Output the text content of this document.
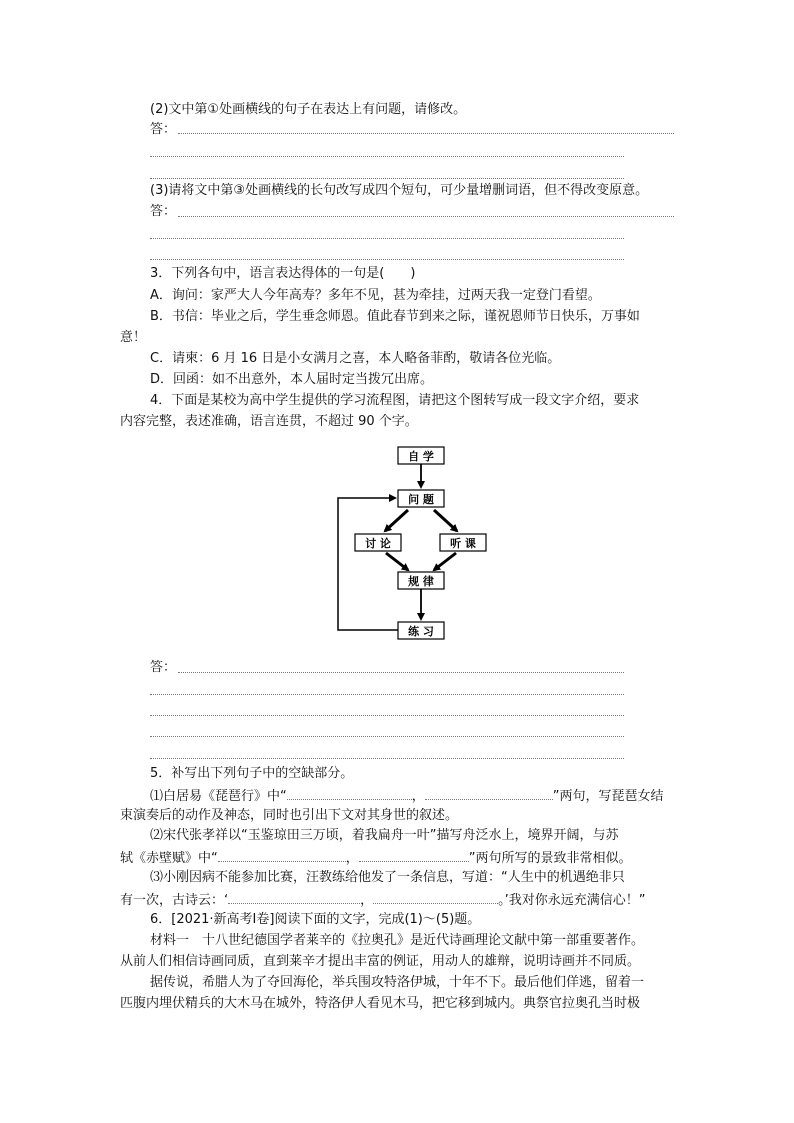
(2)文中第①处画横线的句子在表达上有问题，请修改。
答：
(3)请将文中第③处画横线的长句改写成四个短句，可少量增删词语，但不得改变原意。
答：
3．下列各句中，语言表达得体的一句是(　　)
A．询问：家严大人今年高寿？多年不见，甚为牵挂，过两天我一定登门看望。
B．书信：毕业之后，学生垂念师恩。值此春节到来之际，谨祝恩师节日快乐，万事如
意！
C．请柬：6 月 16 日是小女满月之喜，本人略备菲酌，敬请各位光临。
D．回函：如不出意外，本人届时定当拨冗出席。
4．下面是某校为高中学生提供的学习流程图，请把这个图转写成一段文字介绍，要求
内容完整，表述准确，语言连贯，不超过 90 个字。
自 学
问 题
讨 论	听 课
规 律
练 习
答：
5．补写出下列句子中的空缺部分。
⑴白居易《琵琶行》中“	，	”两句，写琵琶女结
束演奏后的动作及神态，同时也引出下文对其身世的叙述。
⑵宋代张孝祥以“玉鉴琼田三万顷，着我扁舟一叶”描写舟泛水上，境界开阔，与苏
轼《赤壁赋》中“	，	”两句所写的景致非常相似。
⑶小刚因病不能参加比赛，汪教练给他发了一条信息，写道：“人生中的机遇绝非只
有一次，古诗云：‘	，	。’我对你永远充满信心！”
6．[2021·新高考Ⅰ卷]阅读下面的文字，完成(1)～(5)题。
材料一　十八世纪德国学者莱辛的《拉奥孔》是近代诗画理论文献中第一部重要著作。
从前人们相信诗画同质，直到莱辛才提出丰富的例证，用动人的雄辩，说明诗画并不同质。
据传说，希腊人为了夺回海伦，举兵围攻特洛伊城，十年不下。最后他们佯逃，留着一
匹腹内埋伏精兵的大木马在城外，特洛伊人看见木马，把它移到城内。典祭官拉奥孔当时极
